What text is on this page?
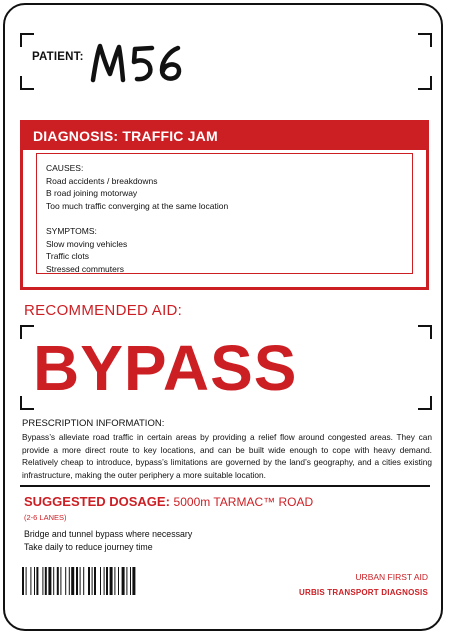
PATIENT:
DIAGNOSIS: TRAFFIC JAM
CAUSES:
Road accidents / breakdowns
B road joining motorway
Too much traffic converging at the same location
SYMPTOMS:
Slow moving vehicles
Traffic clots
Stressed commuters
RECOMMENDED AID:
BYPASS
PRESCRIPTION INFORMATION:
Bypass’s alleviate road traffic in certain areas by providing a relief flow around congested areas. They can provide a more direct route to key locations, and can be built wide enough to cope with heavy demand. Relatively cheap to introduce, bypass’s limitations are governed by the land’s geography, and a cities existing infrastructure, making the outer periphery a more suitable location.
SUGGESTED DOSAGE: 5000m TARMAC™ ROAD
(2-6 LANES)
Bridge and tunnel bypass where necessary
Take daily to reduce journey time
URBAN FIRST AID
URBIS TRANSPORT DIAGNOSIS
